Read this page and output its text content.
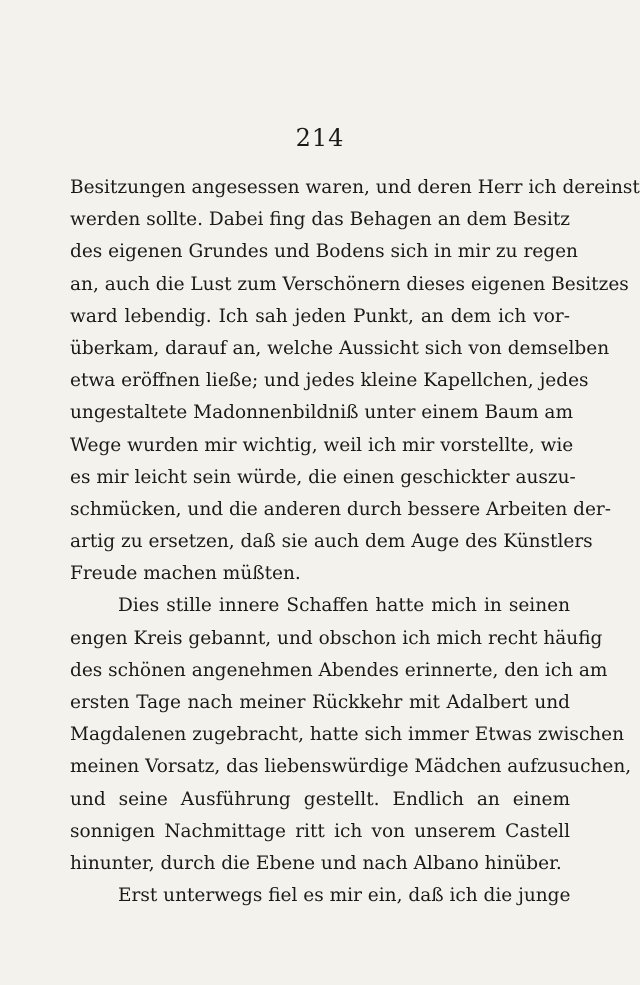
214
Besitzungen angesessen waren, und deren Herr ich dereinst
werden sollte. Dabei fing das Behagen an dem Besitz
des eigenen Grundes und Bodens sich in mir zu regen
an, auch die Lust zum Verschönern dieses eigenen Besitzes
ward lebendig. Ich sah jeden Punkt, an dem ich vor-
überkam, darauf an, welche Aussicht sich von demselben
etwa eröffnen ließe; und jedes kleine Kapellchen, jedes
ungestaltete Madonnenbildniß unter einem Baum am
Wege wurden mir wichtig, weil ich mir vorstellte, wie
es mir leicht sein würde, die einen geschickter auszu-
schmücken, und die anderen durch bessere Arbeiten der-
artig zu ersetzen, daß sie auch dem Auge des Künstlers
Freude machen müßten.
Dies stille innere Schaffen hatte mich in seinen
engen Kreis gebannt, und obschon ich mich recht häufig
des schönen angenehmen Abendes erinnerte, den ich am
ersten Tage nach meiner Rückkehr mit Adalbert und
Magdalenen zugebracht, hatte sich immer Etwas zwischen
meinen Vorsatz, das liebenswürdige Mädchen aufzusuchen,
und seine Ausführung gestellt. Endlich an einem
sonnigen Nachmittage ritt ich von unserem Castell
hinunter, durch die Ebene und nach Albano hinüber.
Erst unterwegs fiel es mir ein, daß ich die junge
